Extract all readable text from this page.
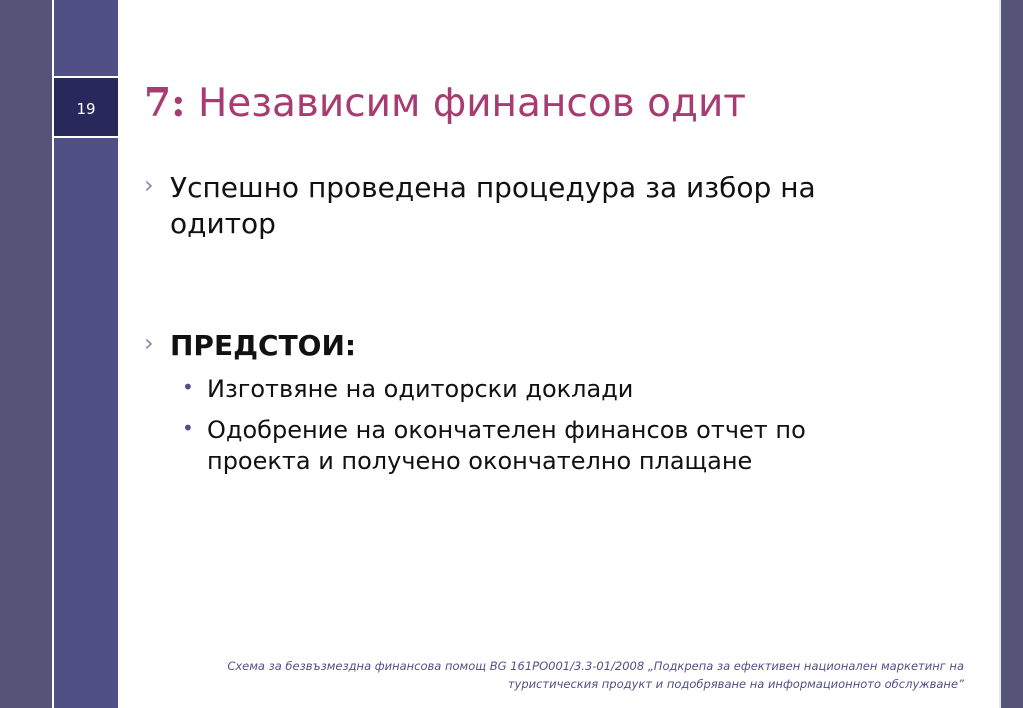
19	7: Независим финансов одит
› Успешно проведена процедура за избор на одитор
› ПРЕДСТОИ:
• Изготвяне на одиторски доклади
• Одобрение на окончателен финансов отчет по проекта и получено окончателно плащане
Схема за безвъзмездна финансова помощ BG 161PO001/3.3-01/2008 „Подкрепа за ефективен национален маркетинг на
туристическия продукт и подобряване на информационното обслужване”
